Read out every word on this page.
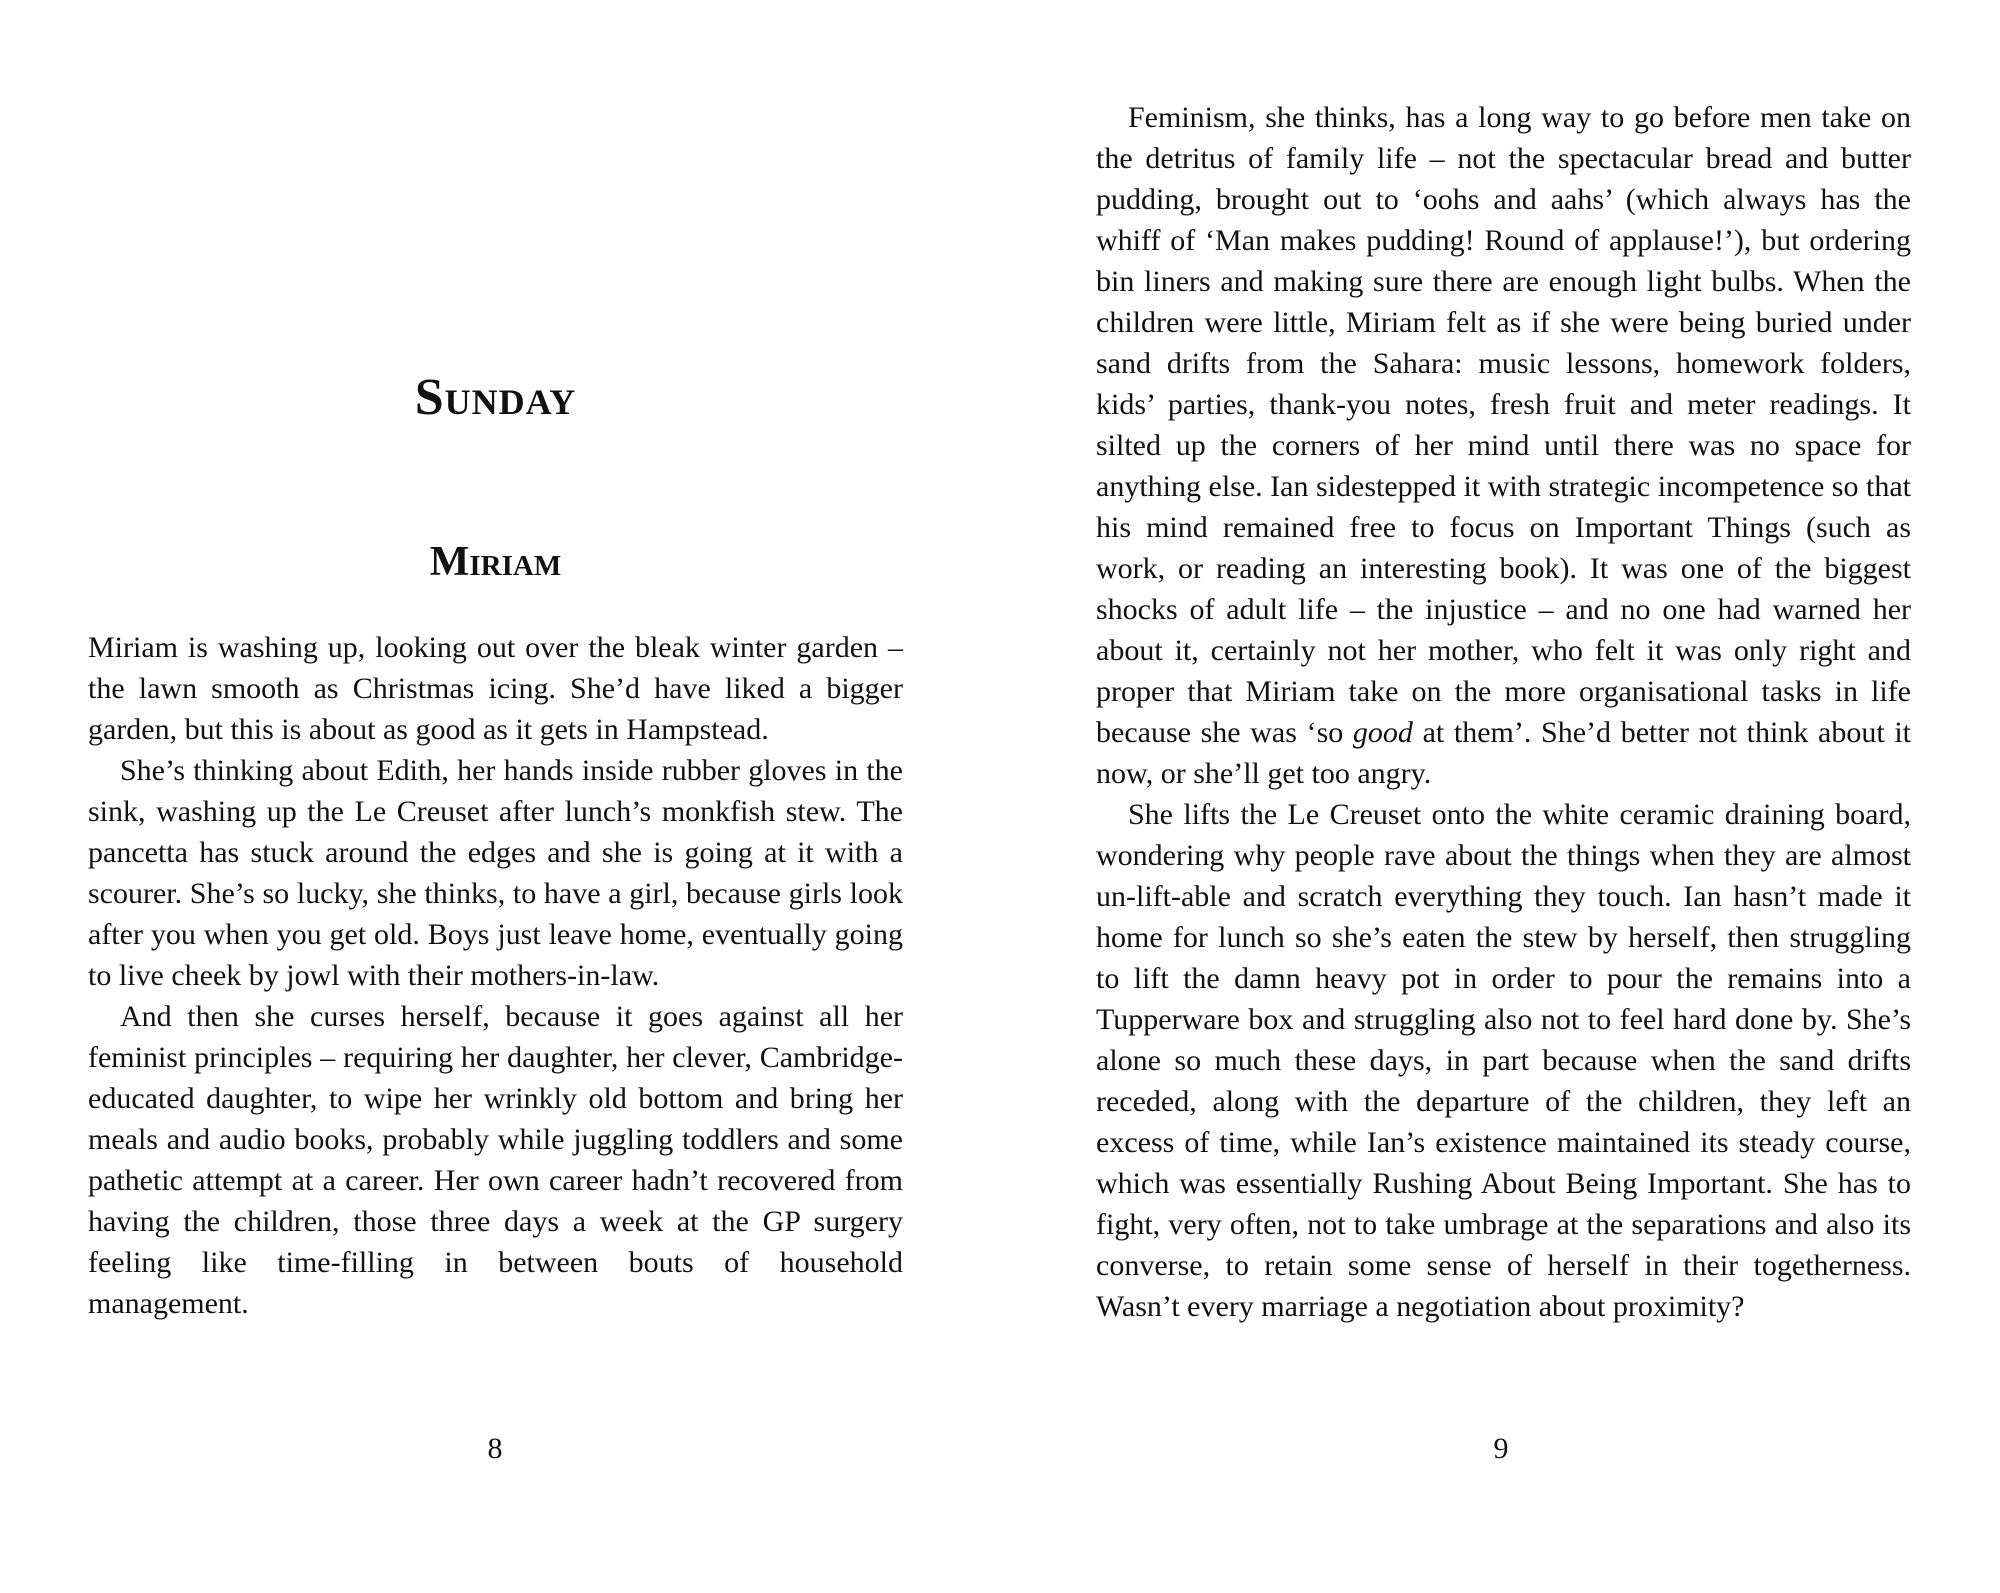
Sunday
Miriam

Miriam is washing up, looking out over the bleak winter garden – the lawn smooth as Christmas icing. She’d have liked a bigger garden, but this is about as good as it gets in Hampstead.

She’s thinking about Edith, her hands inside rubber gloves in the sink, washing up the Le Creuset after lunch’s monkfish stew. The pancetta has stuck around the edges and she is going at it with a scourer. She’s so lucky, she thinks, to have a girl, because girls look after you when you get old. Boys just leave home, eventually going to live cheek by jowl with their mothers-in-law.

And then she curses herself, because it goes against all her feminist principles – requiring her daughter, her clever, Cambridge-educated daughter, to wipe her wrinkly old bottom and bring her meals and audio books, probably while juggling toddlers and some pathetic attempt at a career. Her own career hadn’t recovered from having the children, those three days a week at the GP surgery feeling like time-filling in between bouts of household management.

8

Feminism, she thinks, has a long way to go before men take on the detritus of family life – not the spectacular bread and butter pudding, brought out to ‘oohs and aahs’ (which always has the whiff of ‘Man makes pudding! Round of applause!’), but ordering bin liners and making sure there are enough light bulbs. When the children were little, Miriam felt as if she were being buried under sand drifts from the Sahara: music lessons, homework folders, kids’ parties, thank-you notes, fresh fruit and meter readings. It silted up the corners of her mind until there was no space for anything else. Ian sidestepped it with strategic incompetence so that his mind remained free to focus on Important Things (such as work, or reading an interesting book). It was one of the biggest shocks of adult life – the injustice – and no one had warned her about it, certainly not her mother, who felt it was only right and proper that Miriam take on the more organisational tasks in life because she was ‘so good at them’. She’d better not think about it now, or she’ll get too angry.

She lifts the Le Creuset onto the white ceramic draining board, wondering why people rave about the things when they are almost un-lift-able and scratch everything they touch. Ian hasn’t made it home for lunch so she’s eaten the stew by herself, then struggling to lift the damn heavy pot in order to pour the remains into a Tupperware box and struggling also not to feel hard done by. She’s alone so much these days, in part because when the sand drifts receded, along with the departure of the children, they left an excess of time, while Ian’s existence maintained its steady course, which was essentially Rushing About Being Important. She has to fight, very often, not to take umbrage at the separations and also its converse, to retain some sense of herself in their togetherness. Wasn’t every marriage a negotiation about proximity?

9
